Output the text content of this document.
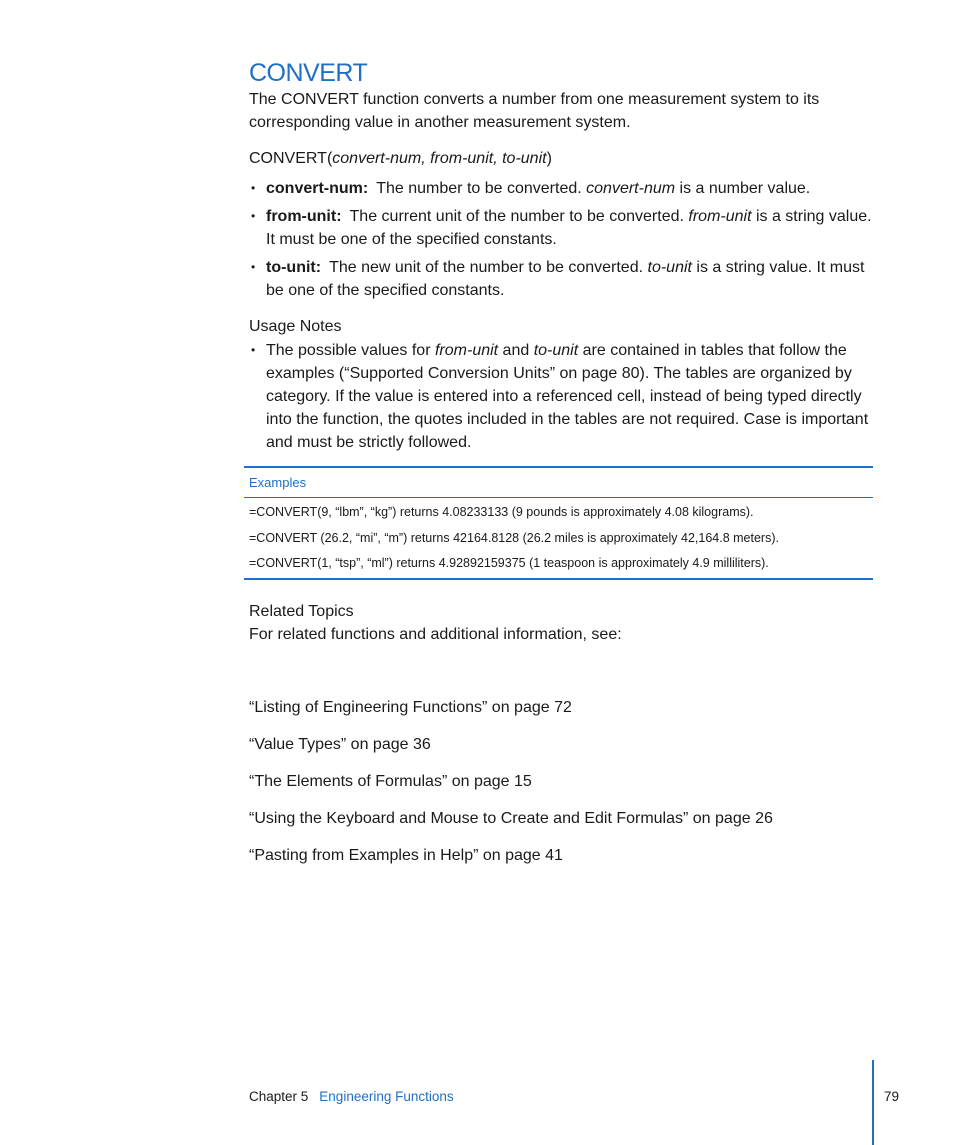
CONVERT

The CONVERT function converts a number from one measurement system to its corresponding value in another measurement system.

CONVERT(convert-num, from-unit, to-unit)
• convert-num: The number to be converted. convert-num is a number value.
• from-unit: The current unit of the number to be converted. from-unit is a string value. It must be one of the specified constants.
• to-unit: The new unit of the number to be converted. to-unit is a string value. It must be one of the specified constants.
Usage Notes
• The possible values for from-unit and to-unit are contained in tables that follow the examples (“Supported Conversion Units” on page 80). The tables are organized by category. If the value is entered into a referenced cell, instead of being typed directly into the function, the quotes included in the tables are not required. Case is important and must be strictly followed.
Examples
=CONVERT(9, “lbm”, “kg”) returns 4.08233133 (9 pounds is approximately 4.08 kilograms).
=CONVERT (26.2, “mi”, “m”) returns 42164.8128 (26.2 miles is approximately 42,164.8 meters).
=CONVERT(1, “tsp”, “ml”) returns 4.92892159375 (1 teaspoon is approximately 4.9 milliliters).
Related Topics

For related functions and additional information, see:

“Listing of Engineering Functions” on page 72
“Value Types” on page 36
“The Elements of Formulas” on page 15
“Using the Keyboard and Mouse to Create and Edit Formulas” on page 26
“Pasting from Examples in Help” on page 41
Chapter 5 Engineering Functions	79
